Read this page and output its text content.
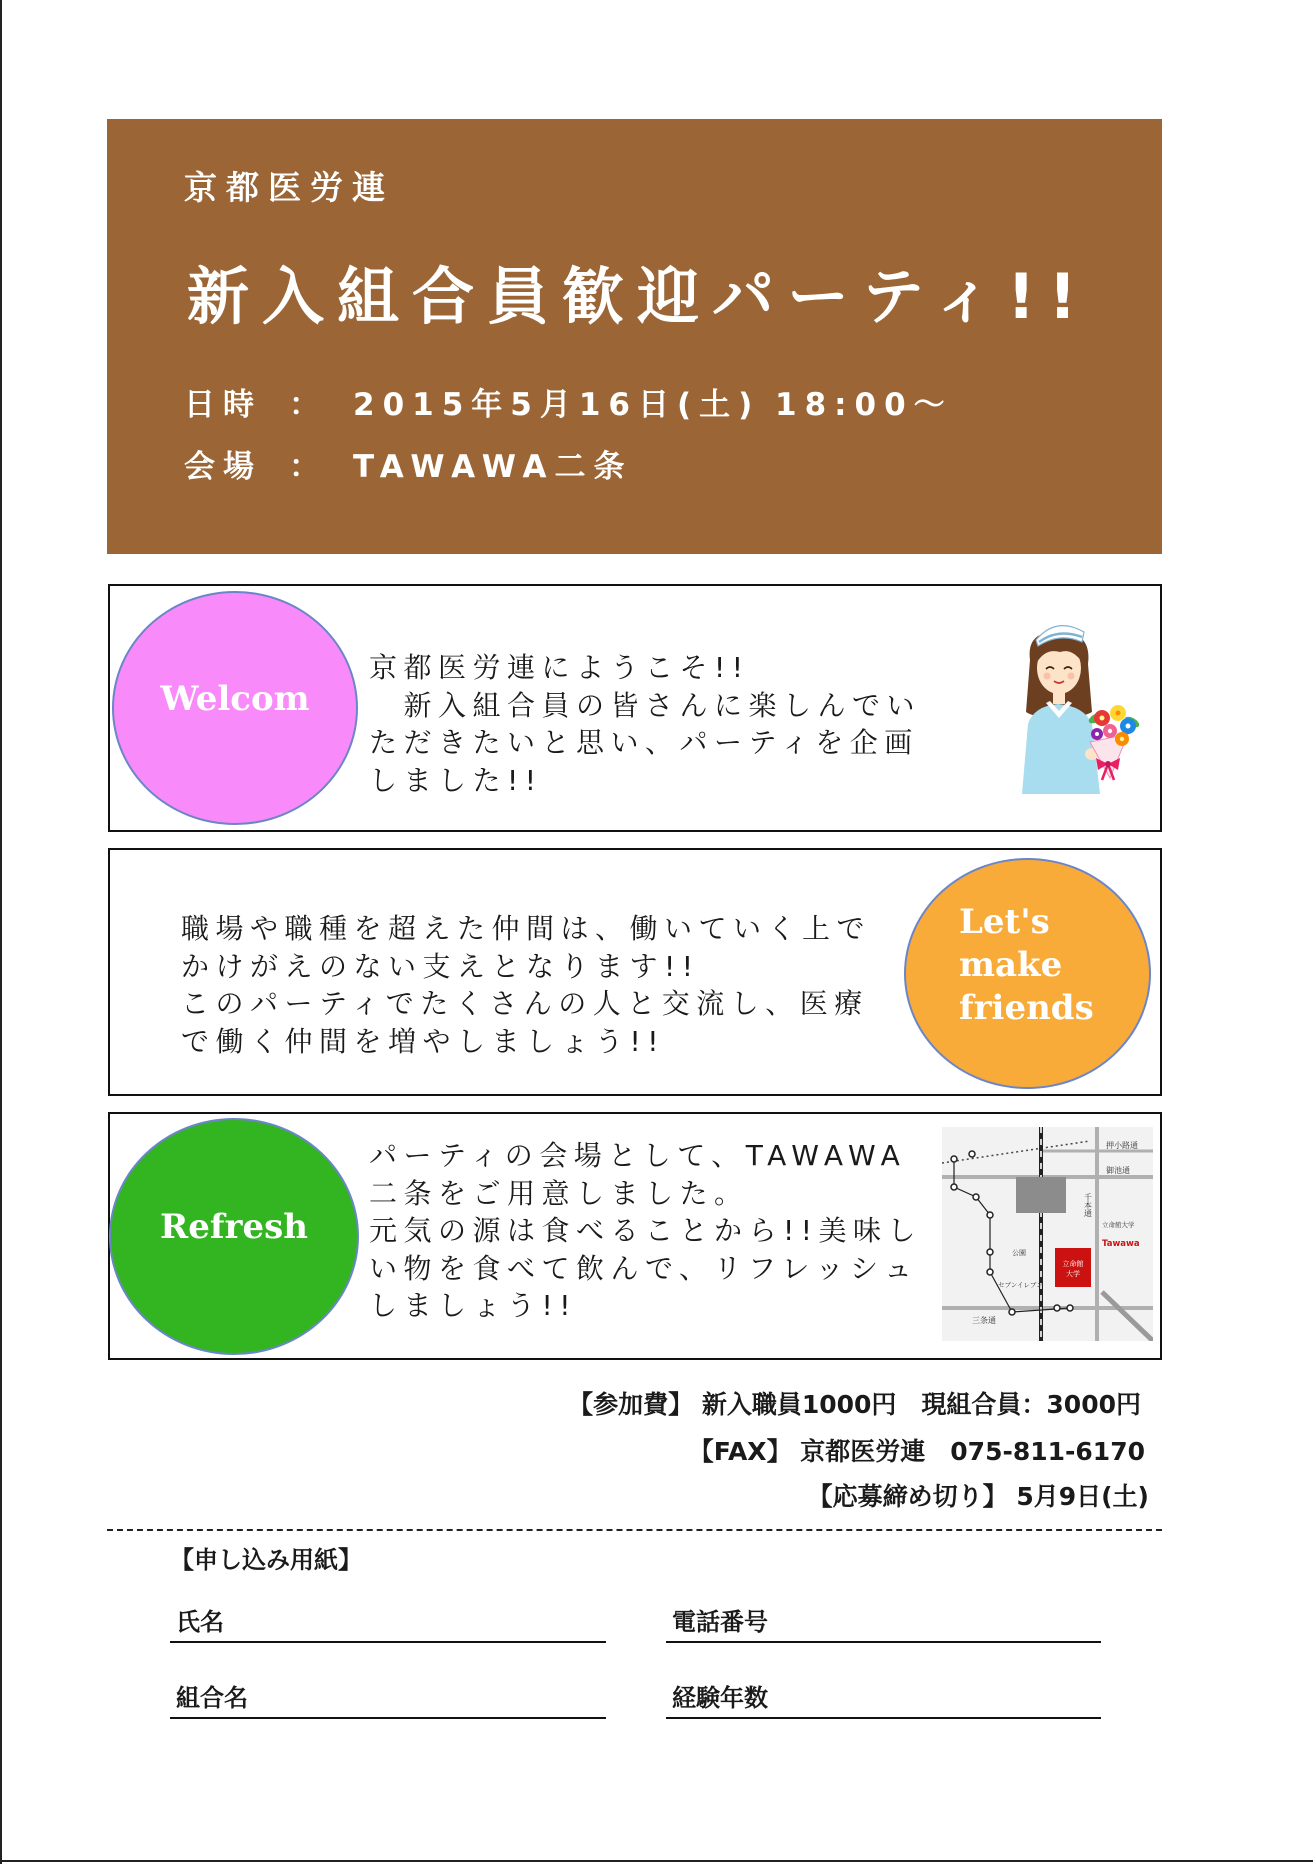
京都医労連
新入組合員歓迎パーティ!!
日時 ： 2015年5月16日(土) 18:00～
会場 ： TAWAWA二条
Welcom
京都医労連にようこそ!!
　新入組合員の皆さんに楽しんでい
ただきたいと思い、パーティを企画
しました!!
職場や職種を超えた仲間は、働いていく上で
かけがえのない支えとなります!!
このパーティでたくさんの人と交流し、医療
で働く仲間を増やしましょう!!
Let's
make
friends
Refresh
パーティの会場として、TAWAWA
二条をご用意しました。
元気の源は食べることから!!美味し
い物を食べて飲んで、リフレッシュ
しましょう!!
立命館
大学
押小路通
御池通
千本通
公園
セブンイレブン
三条通
立命館大学
Tawawa
【参加費】 新入職員1000円　現組合員：3000円
【FAX】 京都医労連　075-811-6170
【応募締め切り】 5月9日(土)
【申し込み用紙】
氏名	電話番号
組合名	経験年数
